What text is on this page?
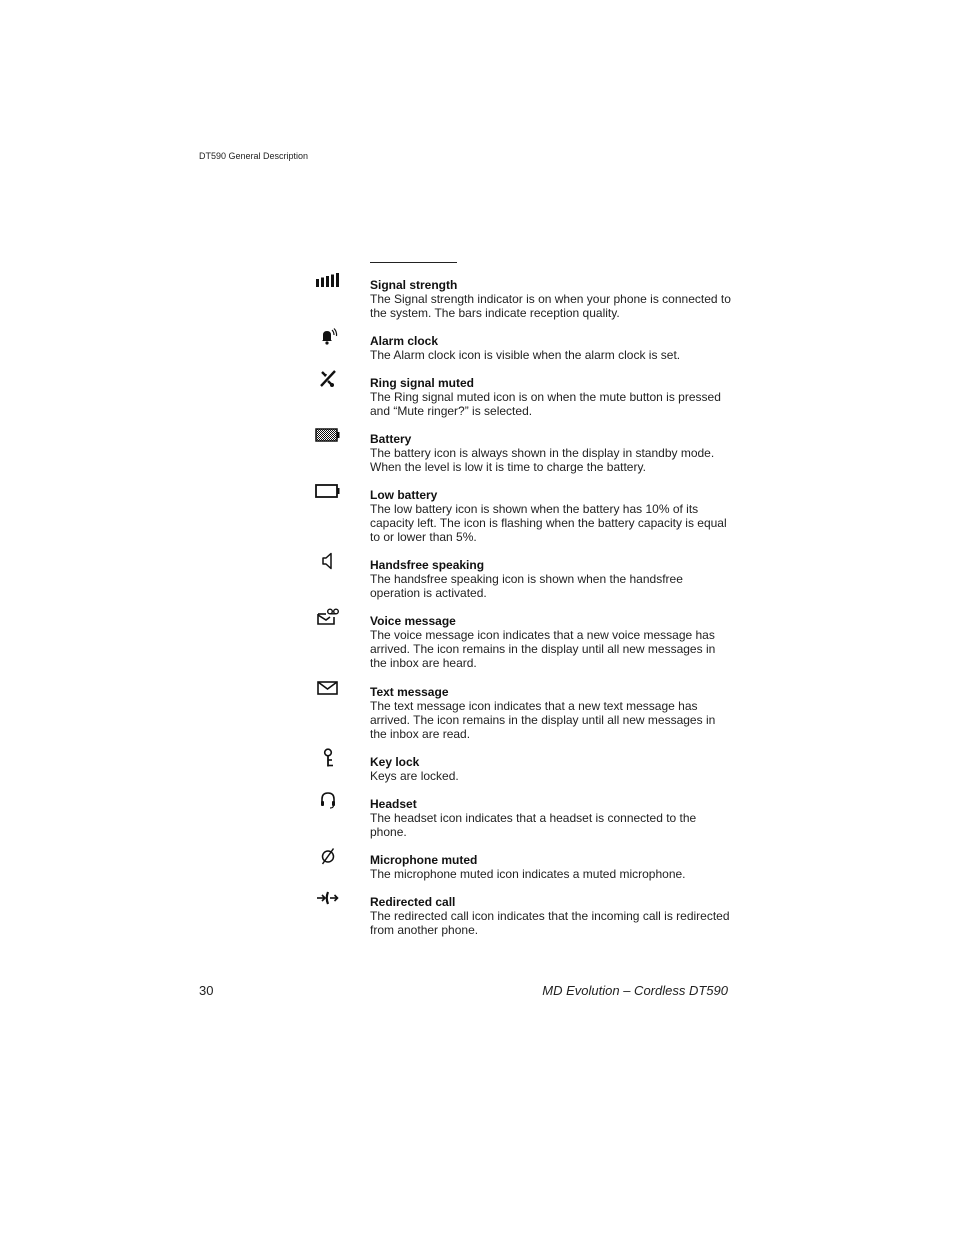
DT590 General Description
Signal strength
The Signal strength indicator is on when your phone is connected to the system. The bars indicate reception quality.
Alarm clock
The Alarm clock icon is visible when the alarm clock is set.
Ring signal muted
The Ring signal muted icon is on when the mute button is pressed and “Mute ringer?” is selected.
Battery
The battery icon is always shown in the display in standby mode. When the level is low it is time to charge the battery.
Low battery
The low battery icon is shown when the battery has 10% of its capacity left. The icon is flashing when the battery capacity is equal to or lower than 5%.
Handsfree speaking
The handsfree speaking icon is shown when the handsfree operation is activated.
Voice message
The voice message icon indicates that a new voice message has arrived. The icon remains in the display until all new messages in the inbox are heard.
Text message
The text message icon indicates that a new text message has arrived. The icon remains in the display until all new messages in the inbox are read.
Key lock
Keys are locked.
Headset
The headset icon indicates that a headset is connected to the phone.
Microphone muted
The microphone muted icon indicates a muted microphone.
Redirected call
The redirected call icon indicates that the incoming call is redirected from another phone.
30	MD Evolution – Cordless DT590
